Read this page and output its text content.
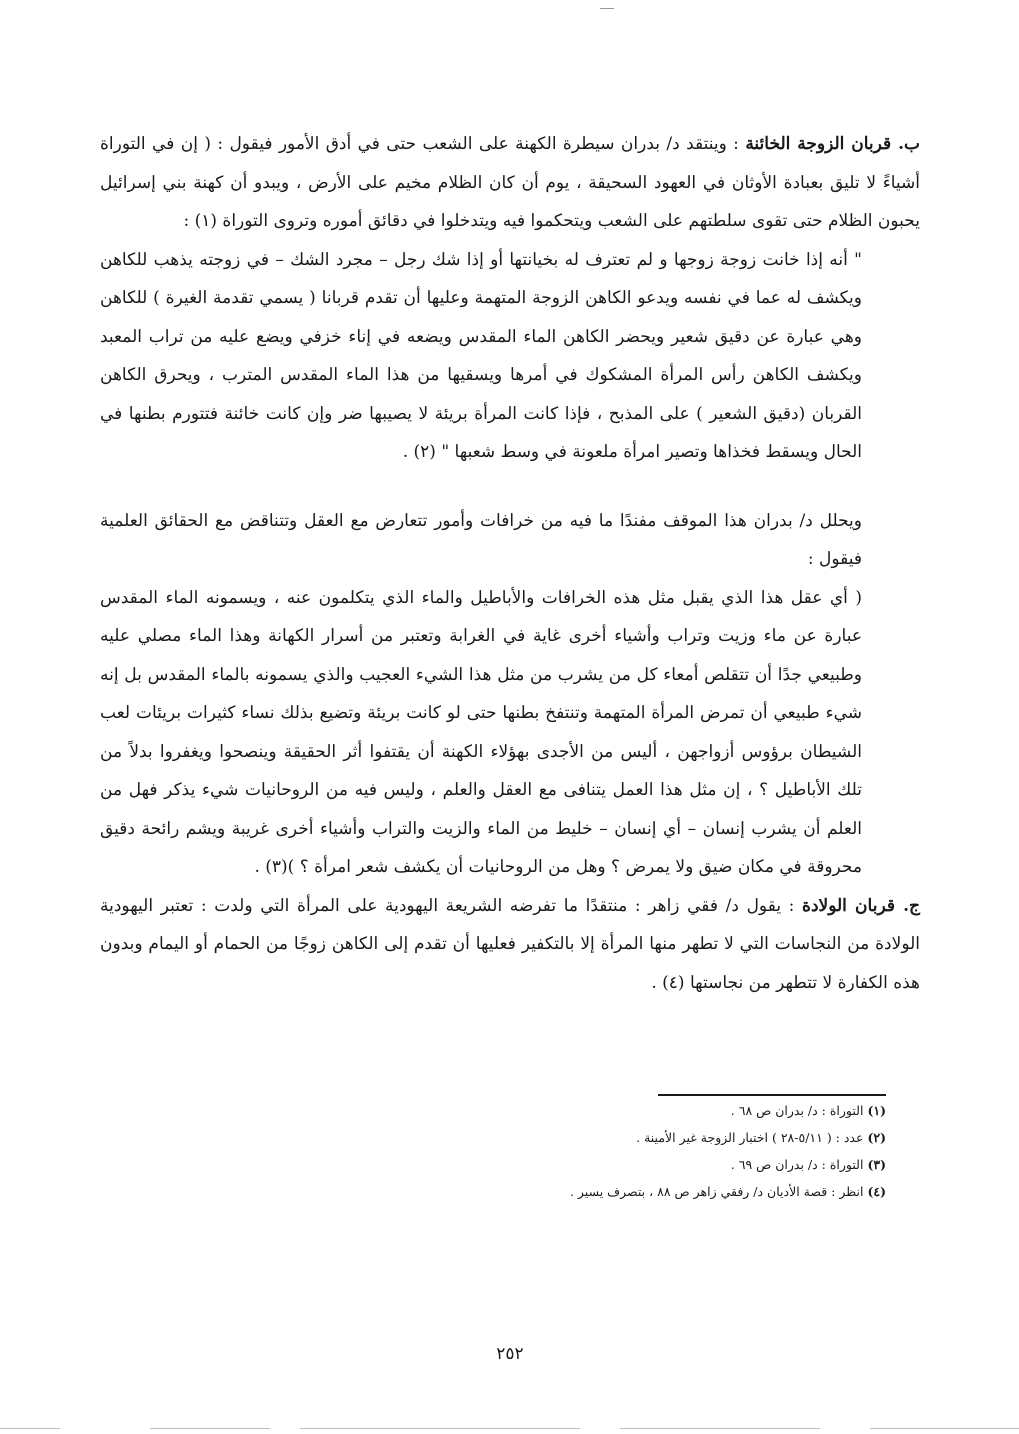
ب. قربان الزوجة الخائنة : وينتقد د/ بدران سيطرة الكهنة على الشعب حتى في أدق الأمور فيقول : ( إن في التوراة أشياءً لا تليق بعبادة الأوثان في العهود السحيقة ، يوم أن كان الظلام مخيم على الأرض ، ويبدو أن كهنة بني إسرائيل يحبون الظلام حتى تقوى سلطتهم على الشعب ويتحكموا فيه ويتدخلوا في دقائق أموره وتروى التوراة (١) :

" أنه إذا خانت زوجة زوجها و لم تعترف له بخيانتها أو إذا شك رجل – مجرد الشك – في زوجته يذهب للكاهن ويكشف له عما في نفسه ويدعو الكاهن الزوجة المتهمة وعليها أن تقدم قربانا ( يسمي تقدمة الغيرة ) للكاهن وهي عبارة عن دقيق شعير ويحضر الكاهن الماء المقدس ويضعه في إناء خزفي ويضع عليه من تراب المعبد ويكشف الكاهن رأس المرأة المشكوك في أمرها ويسقيها من هذا الماء المقدس المترب ، ويحرق الكاهن القربان (دقيق الشعير ) على المذبح ، فإذا كانت المرأة بريئة لا يصيبها ضر وإن كانت خائنة فتتورم بطنها في الحال ويسقط فخذاها وتصير امرأة ملعونة في وسط شعبها " (٢) .

ويحلل د/ بدران هذا الموقف مفندًا ما فيه من خرافات وأمور تتعارض مع العقل وتتناقض مع الحقائق العلمية فيقول :

( أي عقل هذا الذي يقبل مثل هذه الخرافات والأباطيل والماء الذي يتكلمون عنه ، ويسمونه الماء المقدس عبارة عن ماء وزيت وتراب وأشياء أخرى غاية في الغرابة وتعتبر من أسرار الكهانة وهذا الماء مصلي عليه وطبيعي جدًا أن تتقلص أمعاء كل من يشرب من مثل هذا الشيء العجيب والذي يسمونه بالماء المقدس بل إنه شيء طبيعي أن تمرض المرأة المتهمة وتنتفخ بطنها حتى لو كانت بريئة وتضيع بذلك نساء كثيرات بريئات لعب الشيطان برؤوس أزواجهن ، أليس من الأجدى بهؤلاء الكهنة أن يقتفوا أثر الحقيقة وينصحوا ويغفروا بدلاً من تلك الأباطيل ؟ ، إن مثل هذا العمل يتنافى مع العقل والعلم ، وليس فيه من الروحانيات شيء يذكر فهل من العلم أن يشرب إنسان – أي إنسان – خليط من الماء والزيت والتراب وأشياء أخرى غريبة ويشم رائحة دقيق محروقة في مكان ضيق ولا يمرض ؟ وهل من الروحانيات أن يكشف شعر امرأة ؟ )(٣) .

ج. قربان الولادة : يقول د/ فقي زاهر : منتقدًا ما تفرضه الشريعة اليهودية على المرأة التي ولدت : تعتبر اليهودية الولادة من النجاسات التي لا تطهر منها المرأة إلا بالتكفير فعليها أن تقدم إلى الكاهن زوجًا من الحمام أو اليمام وبدون هذه الكفارة لا تتطهر من نجاستها (٤) .

(١) التوراة : د/ بدران ص ٦٨ .

(٢) عدد : ( ٥/١١-٢٨ ) اختبار الزوجة غير الأمينة .

(٣) التوراة : د/ بدران ص ٦٩ .

(٤) انظر : قصة الأديان د/ رفقي زاهر ص ٨٨ ، بتصرف يسير .

٢٥٢
